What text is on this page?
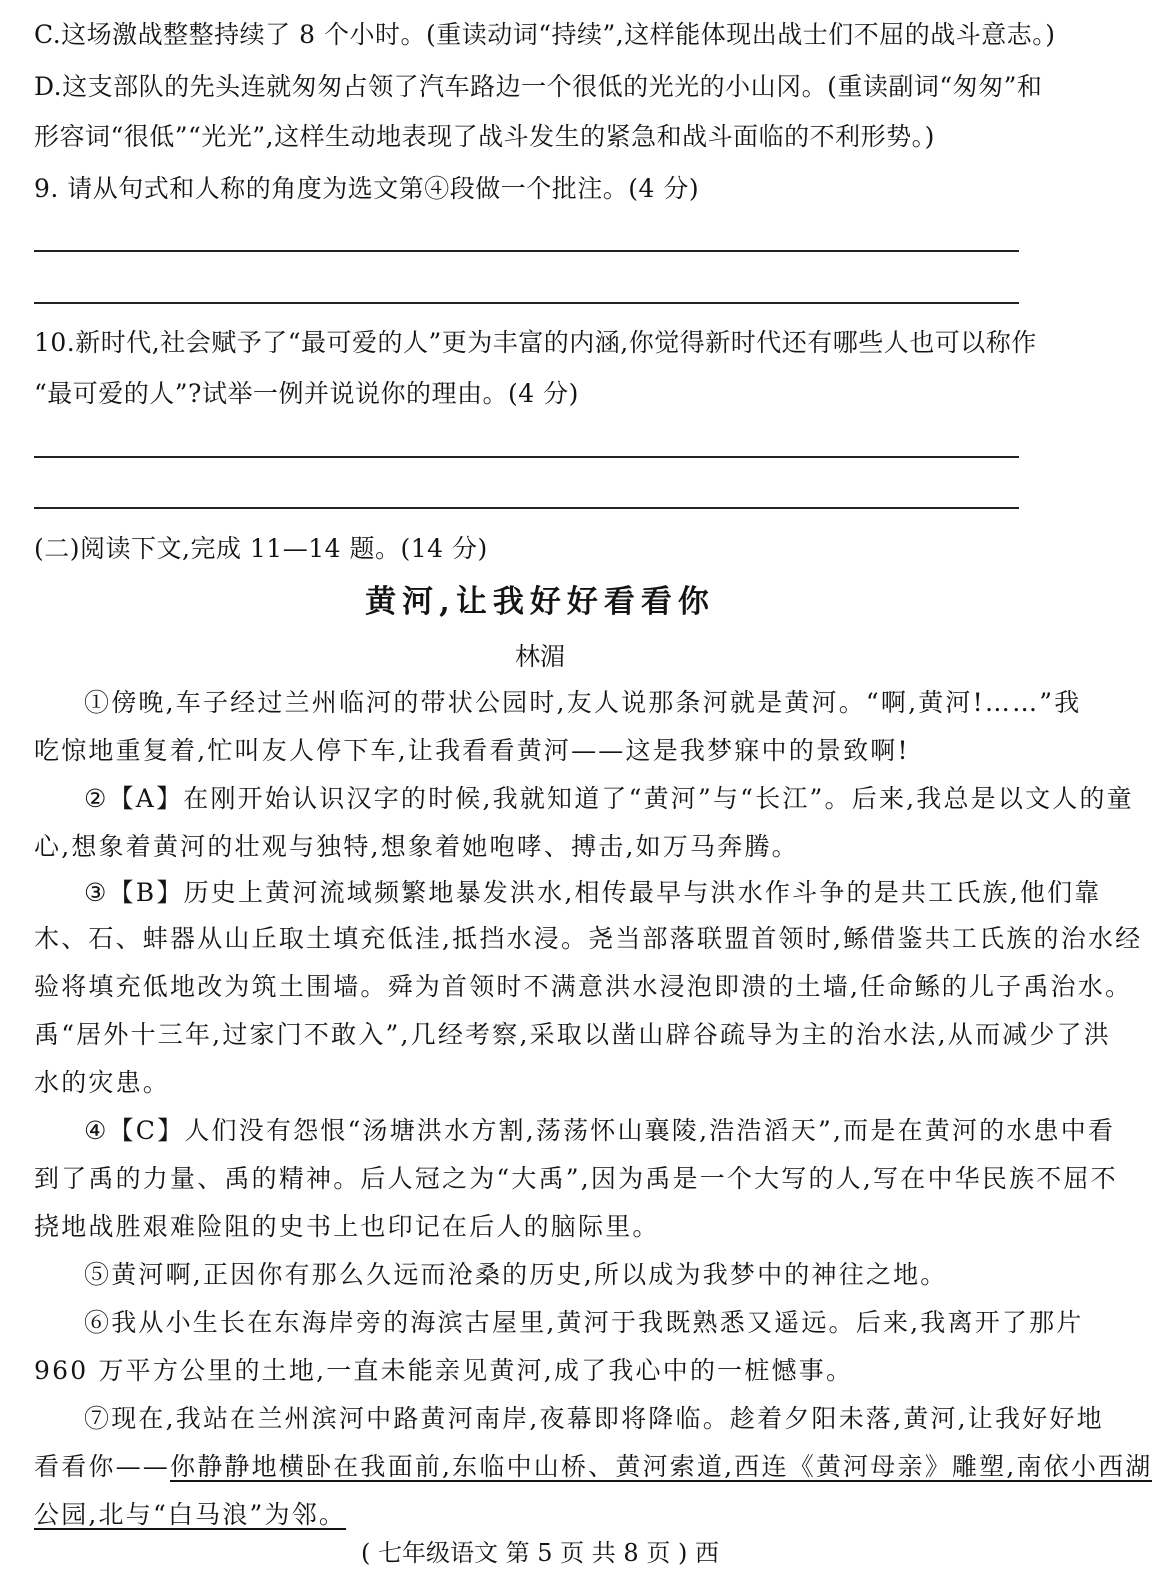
C.这场激战整整持续了 8 个小时。(重读动词“持续”,这样能体现出战士们不屈的战斗意志。)
D.这支部队的先头连就匆匆占领了汽车路边一个很低的光光的小山冈。(重读副词“匆匆”和
形容词“很低”“光光”,这样生动地表现了战斗发生的紧急和战斗面临的不利形势。)
9. 请从句式和人称的角度为选文第④段做一个批注。(4 分)
10.新时代,社会赋予了“最可爱的人”更为丰富的内涵,你觉得新时代还有哪些人也可以称作
“最可爱的人”?试举一例并说说你的理由。(4 分)
(二)阅读下文,完成 11—14 题。(14 分)
黄河,让我好好看看你
林湄
①傍晚,车子经过兰州临河的带状公园时,友人说那条河就是黄河。“啊,黄河!……”我
吃惊地重复着,忙叫友人停下车,让我看看黄河——这是我梦寐中的景致啊!
②【A】在刚开始认识汉字的时候,我就知道了“黄河”与“长江”。后来,我总是以文人的童
心,想象着黄河的壮观与独特,想象着她咆哮、搏击,如万马奔腾。
③【B】历史上黄河流域频繁地暴发洪水,相传最早与洪水作斗争的是共工氏族,他们靠
木、石、蚌器从山丘取土填充低洼,抵挡水浸。尧当部落联盟首领时,鲧借鉴共工氏族的治水经
验将填充低地改为筑土围墙。舜为首领时不满意洪水浸泡即溃的土墙,任命鲧的儿子禹治水。
禹“居外十三年,过家门不敢入”,几经考察,采取以凿山辟谷疏导为主的治水法,从而减少了洪
水的灾患。
④【C】人们没有怨恨“汤塘洪水方割,荡荡怀山襄陵,浩浩滔天”,而是在黄河的水患中看
到了禹的力量、禹的精神。后人冠之为“大禹”,因为禹是一个大写的人,写在中华民族不屈不
挠地战胜艰难险阻的史书上也印记在后人的脑际里。
⑤黄河啊,正因你有那么久远而沧桑的历史,所以成为我梦中的神往之地。
⑥我从小生长在东海岸旁的海滨古屋里,黄河于我既熟悉又遥远。后来,我离开了那片
960 万平方公里的土地,一直未能亲见黄河,成了我心中的一桩憾事。
⑦现在,我站在兰州滨河中路黄河南岸,夜幕即将降临。趁着夕阳未落,黄河,让我好好地
看看你——你静静地横卧在我面前,东临中山桥、黄河索道,西连《黄河母亲》雕塑,南依小西湖
公园,北与“白马浪”为邻。
( 七年级语文 第 5 页 共 8 页 ) 西
